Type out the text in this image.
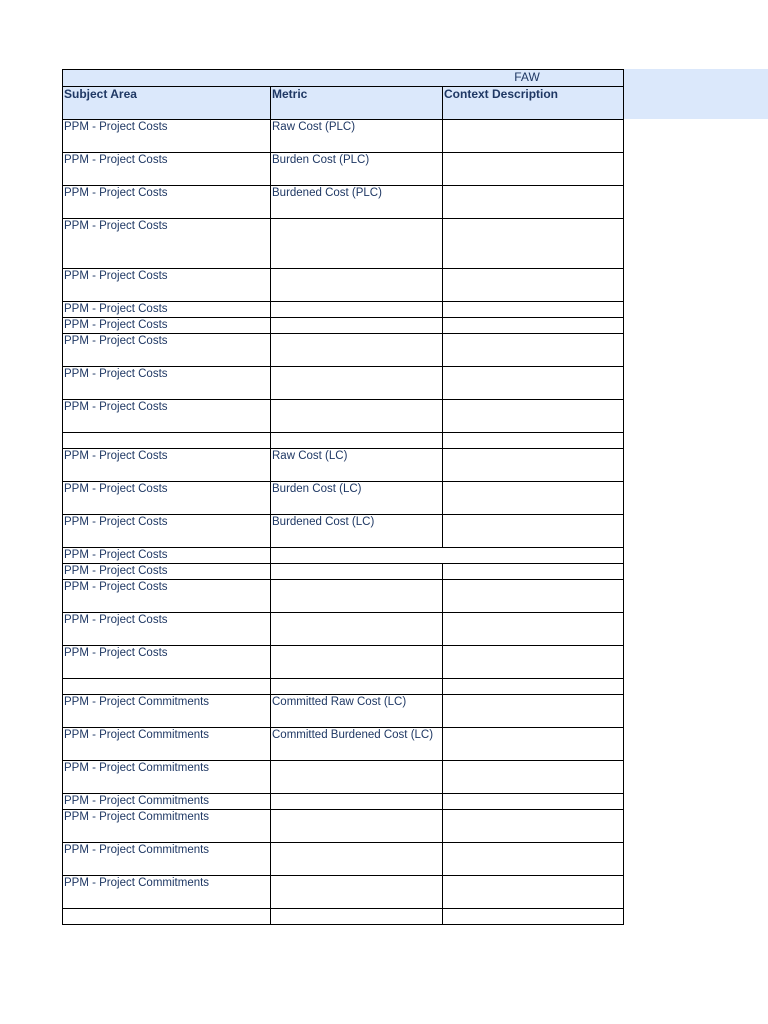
FAW		
Subject Area	Metric	Context Description
PPM - Project Costs	Raw Cost (PLC)	
PPM - Project Costs	Burden Cost (PLC)	
PPM - Project Costs	Burdened Cost (PLC)	
PPM - Project Costs		
PPM - Project Costs		
PPM - Project Costs		
PPM - Project Costs		
PPM - Project Costs		
PPM - Project Costs		
PPM - Project Costs		

PPM - Project Costs	Raw Cost (LC)	
PPM - Project Costs	Burden Cost (LC)	
PPM - Project Costs	Burdened Cost (LC)	
PPM - Project Costs		
PPM - Project Costs		
PPM - Project Costs		
PPM - Project Costs		
PPM - Project Costs		

PPM - Project Commitments	Committed Raw Cost (LC)	
PPM - Project Commitments	Committed Burdened Cost (LC)	
PPM - Project Commitments		
PPM - Project Commitments		
PPM - Project Commitments		
PPM - Project Commitments		
PPM - Project Commitments		
